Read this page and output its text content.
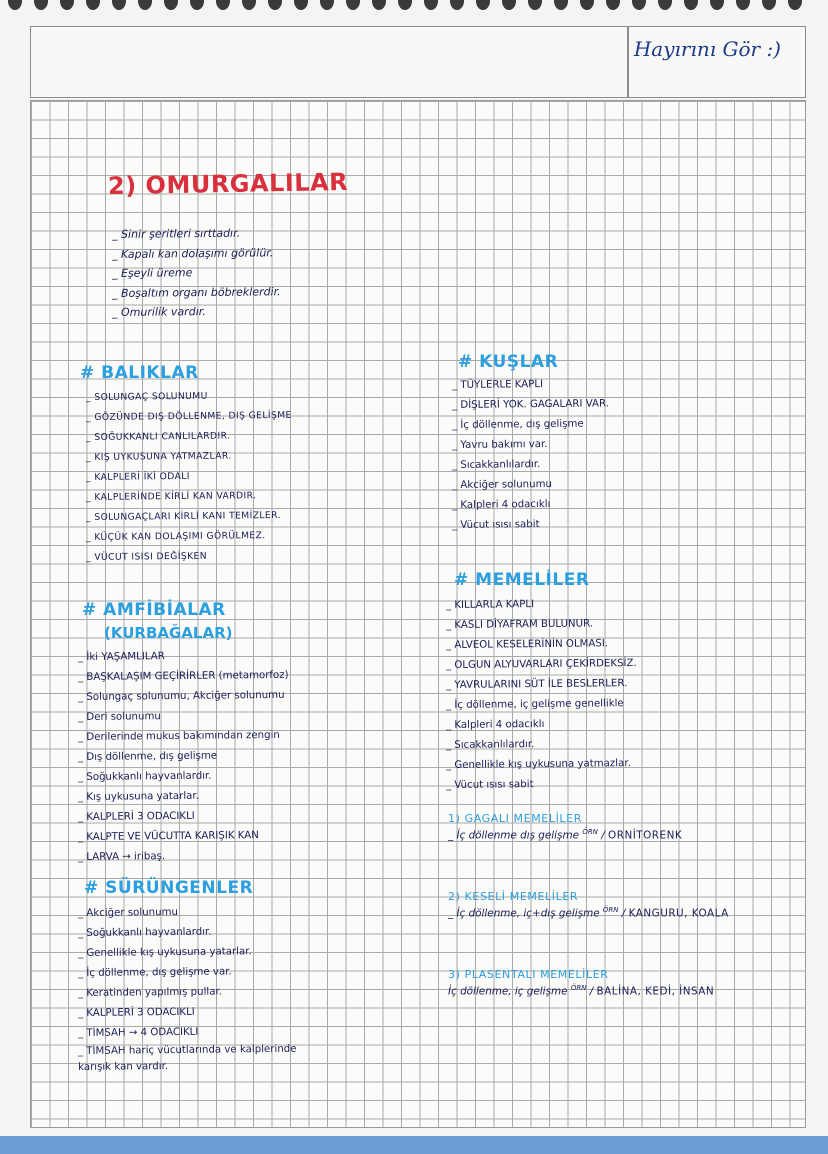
Hayırını Gör :)
2) OMURGALILAR
_ Sinir şeritleri sırttadır.
_ Kapalı kan dolaşımı görülür.
_ Eşeyli üreme
_ Boşaltım organı böbreklerdir.
_ Omurilik vardır.
# BALIKLAR
_ SOLUNGAÇ SOLUNUMU
_ GÖZÜNDE DIŞ DÖLLENME, DIŞ GELİŞME
_ SOĞUKKANLI CANLILARDIR.
_ KIŞ UYKUSUNA YATMAZLAR.
_ KALPLERİ İKİ ODALI
_ KALPLERİNDE KİRLİ KAN VARDIR.
_ SOLUNGAÇLARI KİRLİ KANI TEMİZLER.
_ KÜÇÜK KAN DOLAŞIMI GÖRÜLMEZ.
_ VÜCUT ISISI DEĞİŞKEN
# AMFİBİALAR
(KURBAĞALAR)
_ İki YAŞAMLILAR
_ BAŞKALAŞIM GEÇİRİRLER (metamorfoz)
_ Solungaç solunumu, Akciğer solunumu
_ Deri solunumu
_ Derilerinde mukus bakımından zengin
_ Dış döllenme, dış gelişme
_ Soğukkanlı hayvanlardır.
_ Kış uykusuna yatarlar.
_ KALPLERİ 3 ODACIKLI
_ KALPTE VE VÜCUTTA KARIŞIK KAN
_ LARVA → iribaş.
# SÜRÜNGENLER
_ Akciğer solunumu
_ Soğukkanlı hayvanlardır.
_ Genellikle kış uykusuna yatarlar.
_ İç döllenme, dış gelişme var.
_ Keratinden yapılmış pullar.
_ KALPLERİ 3 ODACIKLI
_ TİMSAH → 4 ODACIKLI
_ TİMSAH hariç vücutlarında ve kalplerinde karışık kan vardır.
# KUŞLAR
_ TÜYLERLE KAPLI
_ DİŞLERİ YOK. GAGALARI VAR.
_ İç döllenme, dış gelişme
_ Yavru bakımı var.
_ Sıcakkanlılardır.
_ Akciğer solunumu
_ Kalpleri 4 odacıklı
_ Vücut ısısı sabit
# MEMELİLER
_ KILLARLA KAPLI
_ KASLI DİYAFRAM BULUNUR.
_ ALVEOL KESELERİNİN OLMASI.
_ OLGUN ALYUVARLARI ÇEKİRDEKSİZ.
_ YAVRULARINI SÜT İLE BESLERLER.
_ İç döllenme, iç gelişme genellikle
_ Kalpleri 4 odacıklı
_ Sıcakkanlılardır.
_ Genellikle kış uykusuna yatmazlar.
_ Vücut ısısı sabit
1) GAGALI MEMELİLER
_ İç döllenme dış gelişme $^{ÖRN}$ / ORNİTORENK
2) KESELİ MEMELİLER
_ İç döllenme, iç+dış gelişme $^{ÖRN}$ / KANGURU, KOALA
3) PLASENTALI MEMELİLER
İç döllenme, iç gelişme $^{ÖRN}$ / BALİNA, KEDİ, İNSAN
